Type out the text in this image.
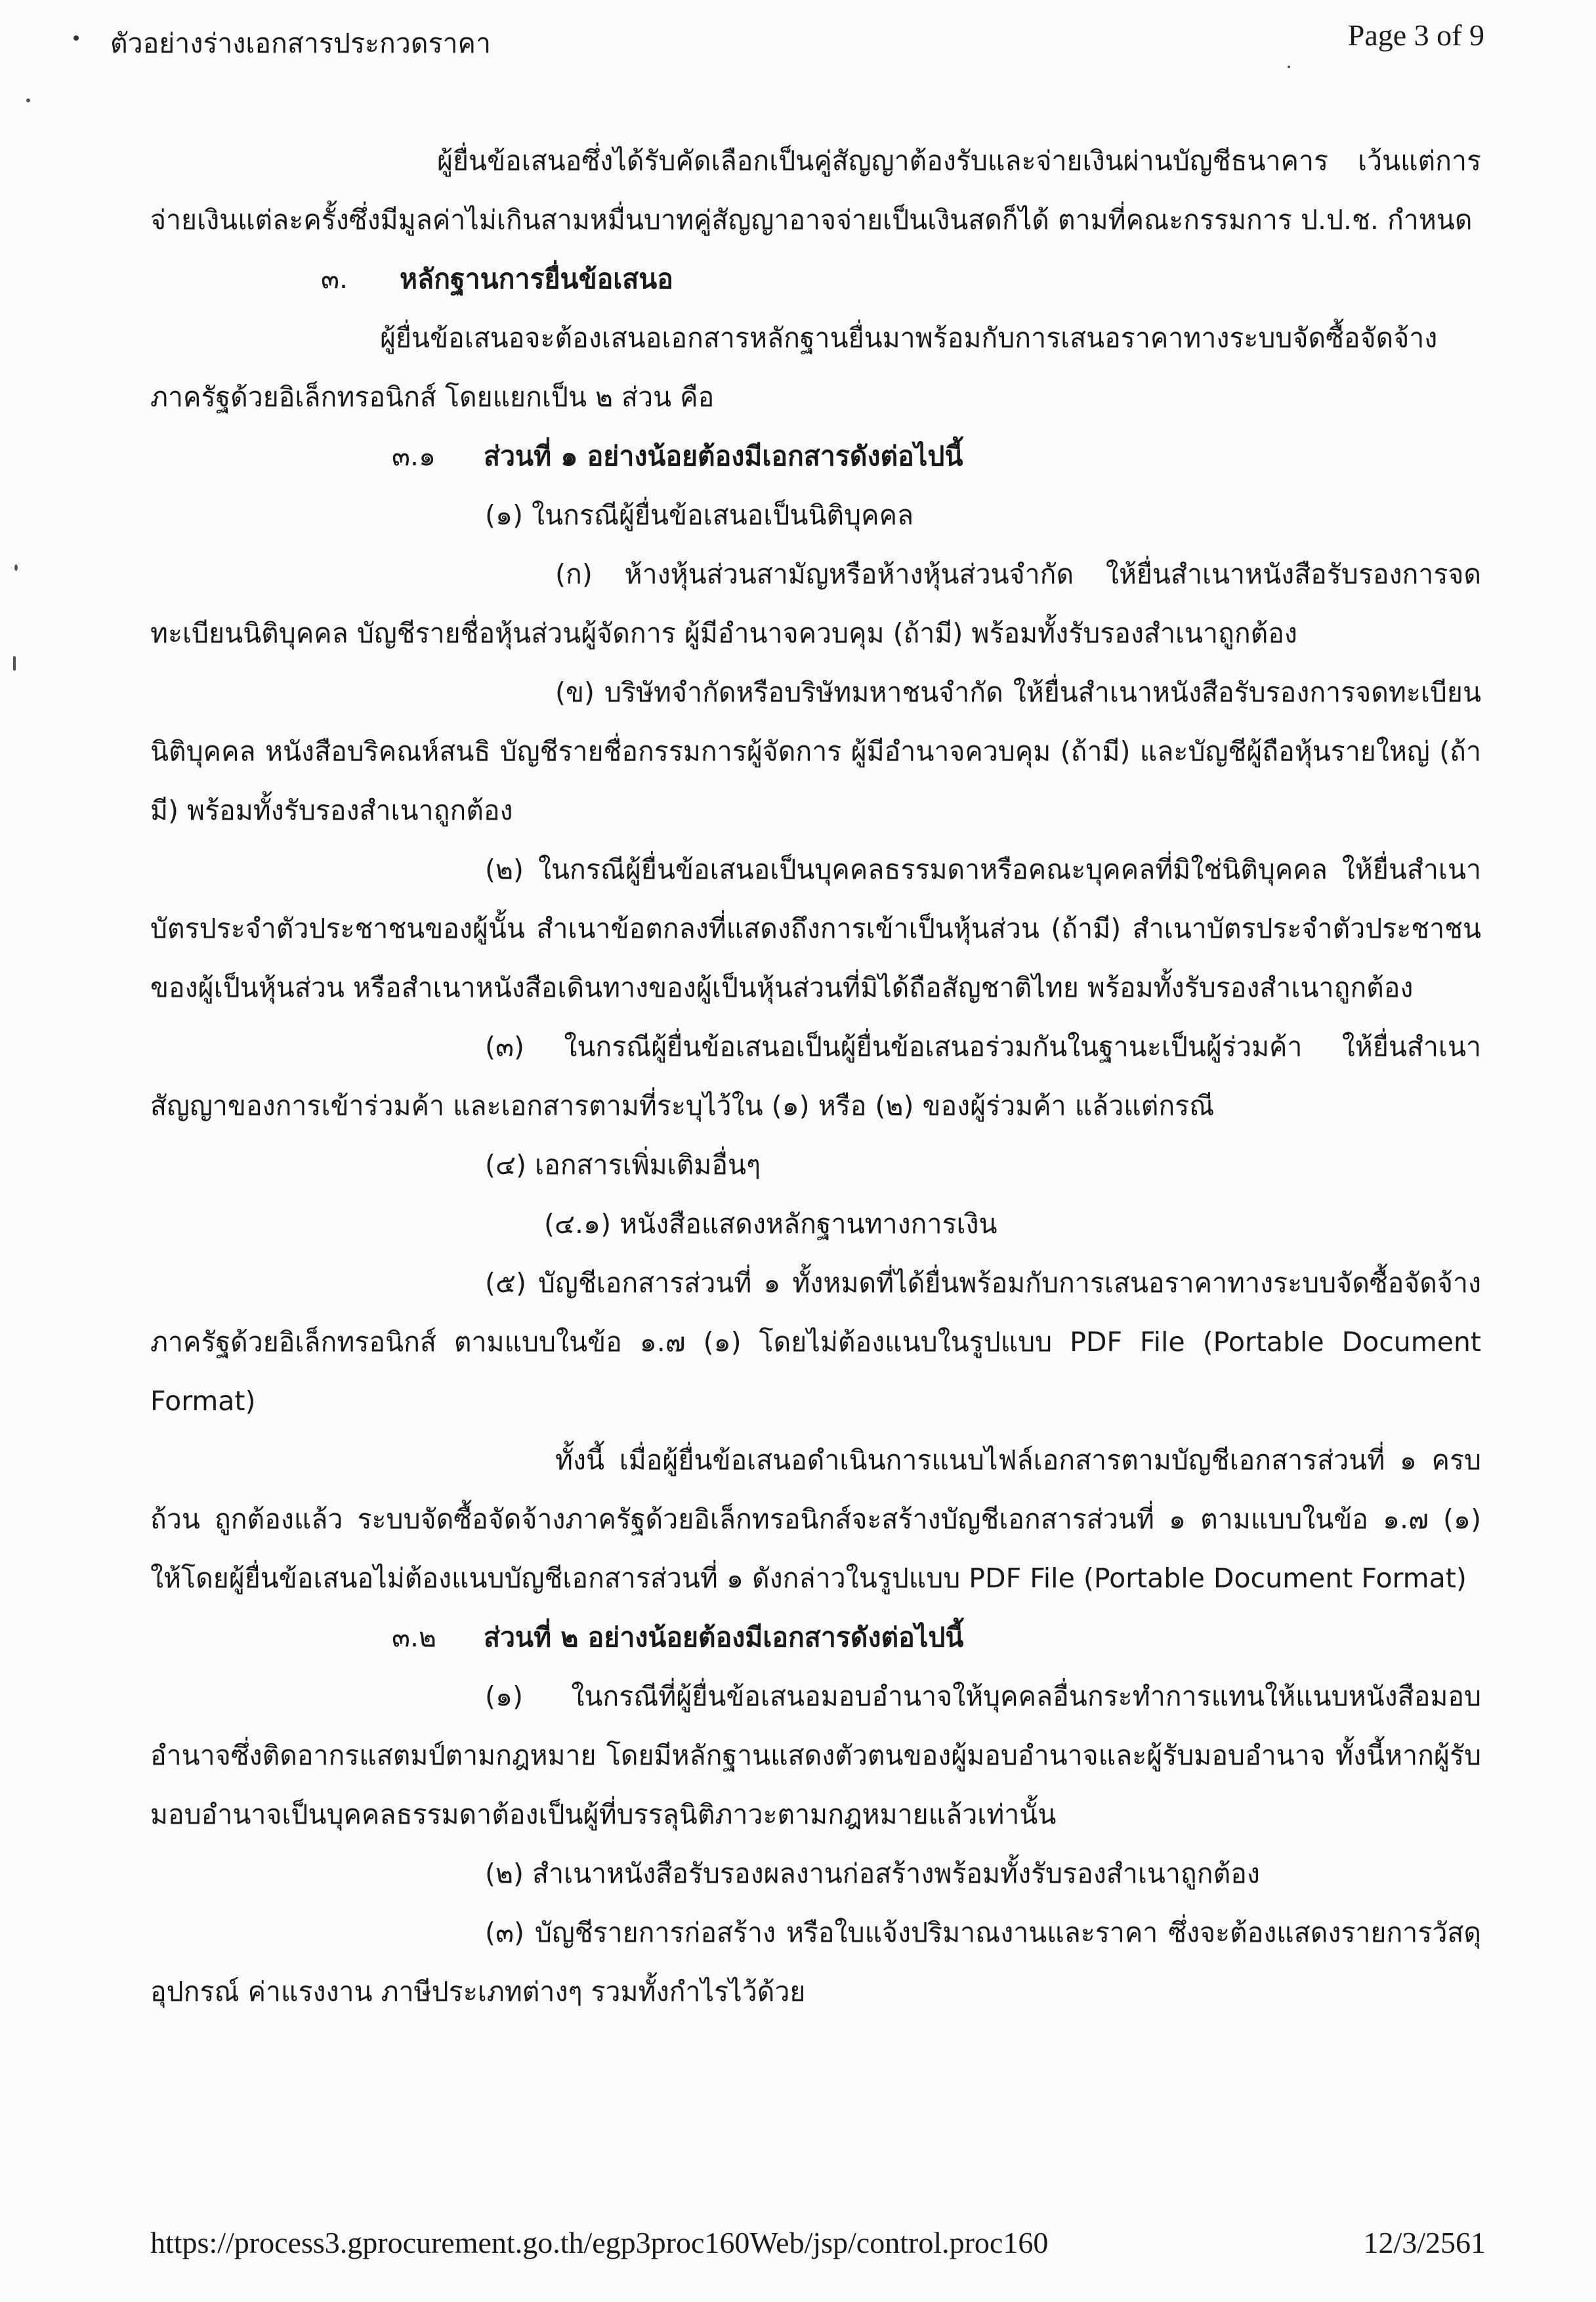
ตัวอย่างร่างเอกสารประกวดราคา	Page 3 of 9

ผู้ยื่นข้อเสนอซึ่งได้รับคัดเลือกเป็นคู่สัญญาต้องรับและจ่ายเงินผ่านบัญชีธนาคาร เว้นแต่การจ่ายเงินแต่ละครั้งซึ่งมีมูลค่าไม่เกินสามหมื่นบาทคู่สัญญาอาจจ่ายเป็นเงินสดก็ได้ ตามที่คณะกรรมการ ป.ป.ช. กำหนด

๓. หลักฐานการยื่นข้อเสนอ

ผู้ยื่นข้อเสนอจะต้องเสนอเอกสารหลักฐานยื่นมาพร้อมกับการเสนอราคาทางระบบจัดซื้อจัดจ้างภาครัฐด้วยอิเล็กทรอนิกส์ โดยแยกเป็น ๒ ส่วน คือ

๓.๑ ส่วนที่ ๑ อย่างน้อยต้องมีเอกสารดังต่อไปนี้

(๑) ในกรณีผู้ยื่นข้อเสนอเป็นนิติบุคคล

(ก) ห้างหุ้นส่วนสามัญหรือห้างหุ้นส่วนจำกัด ให้ยื่นสำเนาหนังสือรับรองการจดทะเบียนนิติบุคคล บัญชีรายชื่อหุ้นส่วนผู้จัดการ ผู้มีอำนาจควบคุม (ถ้ามี) พร้อมทั้งรับรองสำเนาถูกต้อง

(ข) บริษัทจำกัดหรือบริษัทมหาชนจำกัด ให้ยื่นสำเนาหนังสือรับรองการจดทะเบียนนิติบุคคล หนังสือบริคณห์สนธิ บัญชีรายชื่อกรรมการผู้จัดการ ผู้มีอำนาจควบคุม (ถ้ามี) และบัญชีผู้ถือหุ้นรายใหญ่ (ถ้ามี) พร้อมทั้งรับรองสำเนาถูกต้อง

(๒) ในกรณีผู้ยื่นข้อเสนอเป็นบุคคลธรรมดาหรือคณะบุคคลที่มิใช่นิติบุคคล ให้ยื่นสำเนาบัตรประจำตัวประชาชนของผู้นั้น สำเนาข้อตกลงที่แสดงถึงการเข้าเป็นหุ้นส่วน (ถ้ามี) สำเนาบัตรประจำตัวประชาชนของผู้เป็นหุ้นส่วน หรือสำเนาหนังสือเดินทางของผู้เป็นหุ้นส่วนที่มิได้ถือสัญชาติไทย พร้อมทั้งรับรองสำเนาถูกต้อง

(๓) ในกรณีผู้ยื่นข้อเสนอเป็นผู้ยื่นข้อเสนอร่วมกันในฐานะเป็นผู้ร่วมค้า ให้ยื่นสำเนาสัญญาของการเข้าร่วมค้า และเอกสารตามที่ระบุไว้ใน (๑) หรือ (๒) ของผู้ร่วมค้า แล้วแต่กรณี

(๔) เอกสารเพิ่มเติมอื่นๆ

(๔.๑) หนังสือแสดงหลักฐานทางการเงิน

(๕) บัญชีเอกสารส่วนที่ ๑ ทั้งหมดที่ได้ยื่นพร้อมกับการเสนอราคาทางระบบจัดซื้อจัดจ้างภาครัฐด้วยอิเล็กทรอนิกส์ ตามแบบในข้อ ๑.๗ (๑) โดยไม่ต้องแนบในรูปแบบ PDF File (Portable Document Format)

ทั้งนี้ เมื่อผู้ยื่นข้อเสนอดำเนินการแนบไฟล์เอกสารตามบัญชีเอกสารส่วนที่ ๑ ครบถ้วน ถูกต้องแล้ว ระบบจัดซื้อจัดจ้างภาครัฐด้วยอิเล็กทรอนิกส์จะสร้างบัญชีเอกสารส่วนที่ ๑ ตามแบบในข้อ ๑.๗ (๑) ให้โดยผู้ยื่นข้อเสนอไม่ต้องแนบบัญชีเอกสารส่วนที่ ๑ ดังกล่าวในรูปแบบ PDF File (Portable Document Format)

๓.๒ ส่วนที่ ๒ อย่างน้อยต้องมีเอกสารดังต่อไปนี้

(๑) ในกรณีที่ผู้ยื่นข้อเสนอมอบอำนาจให้บุคคลอื่นกระทำการแทนให้แนบหนังสือมอบอำนาจซึ่งติดอากรแสตมป์ตามกฎหมาย โดยมีหลักฐานแสดงตัวตนของผู้มอบอำนาจและผู้รับมอบอำนาจ ทั้งนี้หากผู้รับมอบอำนาจเป็นบุคคลธรรมดาต้องเป็นผู้ที่บรรลุนิติภาวะตามกฎหมายแล้วเท่านั้น

(๒) สำเนาหนังสือรับรองผลงานก่อสร้างพร้อมทั้งรับรองสำเนาถูกต้อง

(๓) บัญชีรายการก่อสร้าง หรือใบแจ้งปริมาณงานและราคา ซึ่งจะต้องแสดงรายการวัสดุอุปกรณ์ ค่าแรงงาน ภาษีประเภทต่างๆ รวมทั้งกำไรไว้ด้วย

https://process3.gprocurement.go.th/egp3proc160Web/jsp/control.proc160	12/3/2561
